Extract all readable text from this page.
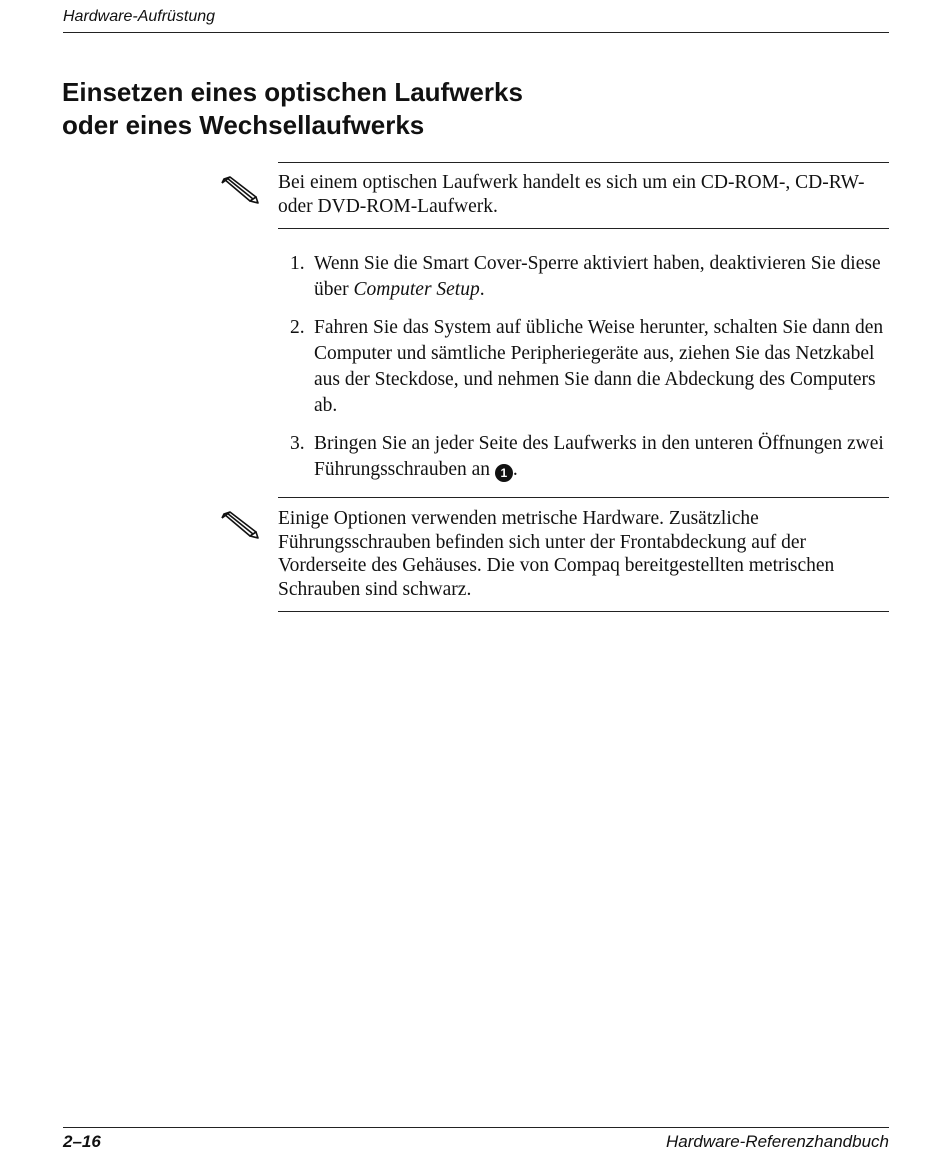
Hardware-Aufrüstung
Einsetzen eines optischen Laufwerks
oder eines Wechsellaufwerks
Bei einem optischen Laufwerk handelt es sich um ein CD-ROM-, CD-RW- oder DVD-ROM-Laufwerk.
1. Wenn Sie die Smart Cover-Sperre aktiviert haben, deaktivieren Sie diese über Computer Setup.
2. Fahren Sie das System auf übliche Weise herunter, schalten Sie dann den Computer und sämtliche Peripheriegeräte aus, ziehen Sie das Netzkabel aus der Steckdose, und nehmen Sie dann die Abdeckung des Computers ab.
3. Bringen Sie an jeder Seite des Laufwerks in den unteren Öffnungen zwei Führungsschrauben an 1 .
Einige Optionen verwenden metrische Hardware. Zusätzliche Führungsschrauben befinden sich unter der Frontabdeckung auf der Vorderseite des Gehäuses. Die von Compaq bereitgestellten metrischen Schrauben sind schwarz.
2–16	Hardware-Referenzhandbuch
